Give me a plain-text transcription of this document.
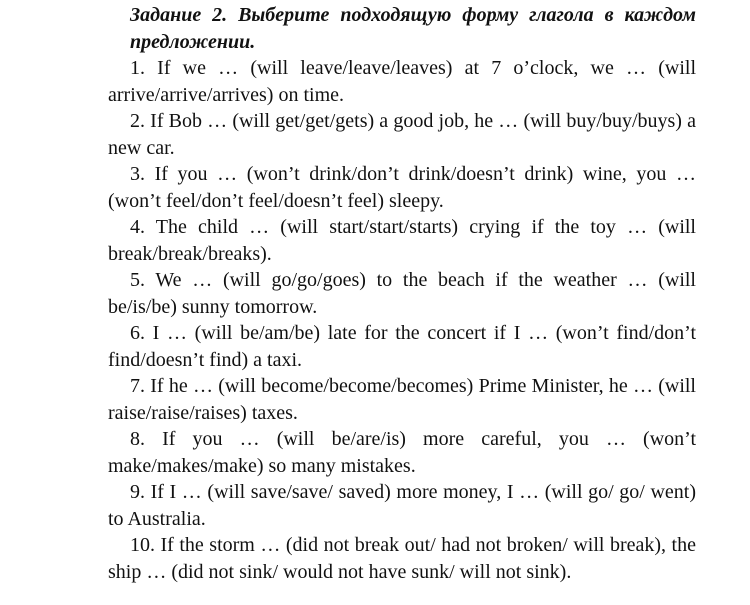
Задание 2. Выберите подходящую форму глагола в каждом предложении.

1. If we … (will leave/leave/leaves) at 7 o’clock, we … (will arrive/arrive/arrives) on time.

2. If Bob … (will get/get/gets) a good job, he … (will buy/buy/buys) a new car.

3. If you … (won’t drink/don’t drink/doesn’t drink) wine, you … (won’t feel/don’t feel/doesn’t feel) sleepy.

4. The child … (will start/start/starts) crying if the toy … (will break/break/breaks).

5. We … (will go/go/goes) to the beach if the weather … (will be/is/be) sunny tomorrow.

6. I … (will be/am/be) late for the concert if I … (won’t find/don’t find/doesn’t find) a taxi.

7. If he … (will become/become/becomes) Prime Minister, he … (will raise/raise/raises) taxes.

8. If you … (will be/are/is) more careful, you … (won’t make/makes/make) so many mistakes.

9. If I … (will save/save/ saved) more money, I … (will go/ go/ went) to Australia.

10. If the storm … (did not break out/ had not broken/ will break), the ship … (did not sink/ would not have sunk/ will not sink).
